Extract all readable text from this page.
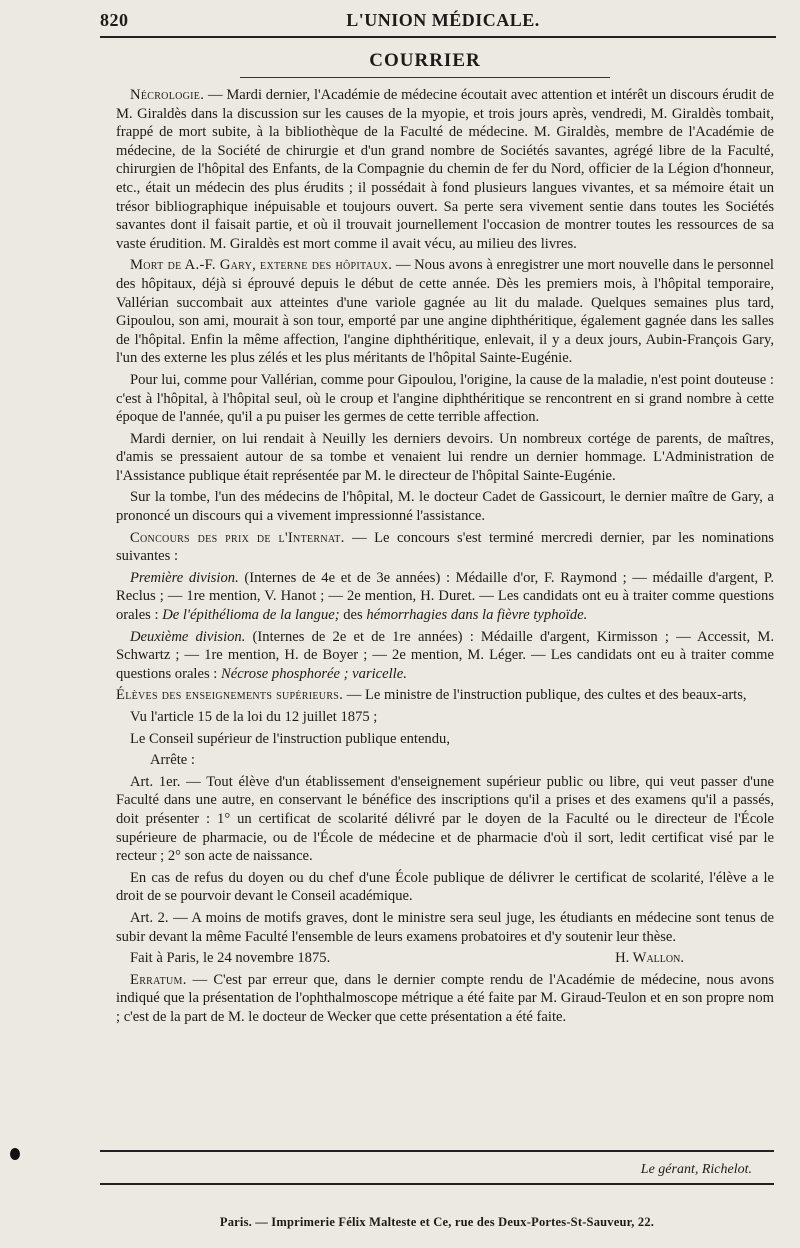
820	L'UNION MÉDICALE.
COURRIER

Nécrologie. — Mardi dernier, l'Académie de médecine écoutait avec attention et intérêt un discours érudit de M. Giraldès dans la discussion sur les causes de la myopie, et trois jours après, vendredi, M. Giraldès tombait, frappé de mort subite, à la bibliothèque de la Faculté de médecine. M. Giraldès, membre de l'Académie de médecine, de la Société de chirurgie et d'un grand nombre de Sociétés savantes, agrégé libre de la Faculté, chirurgien de l'hôpital des Enfants, de la Compagnie du chemin de fer du Nord, officier de la Légion d'honneur, etc., était un médecin des plus érudits ; il possédait à fond plusieurs langues vivantes, et sa mémoire était un trésor bibliographique inépuisable et toujours ouvert. Sa perte sera vivement sentie dans toutes les Sociétés savantes dont il faisait partie, et où il trouvait journellement l'occasion de montrer toutes les ressources de sa vaste érudition. M. Giraldès est mort comme il avait vécu, au milieu des livres.

Mort de A.-F. Gary, externe des hôpitaux. — Nous avons à enregistrer une mort nouvelle dans le personnel des hôpitaux, déjà si éprouvé depuis le début de cette année. Dès les premiers mois, à l'hôpital temporaire, Vallérian succombait aux atteintes d'une variole gagnée au lit du malade. Quelques semaines plus tard, Gipoulou, son ami, mourait à son tour, emporté par une angine diphthéritique, également gagnée dans les salles de l'hôpital. Enfin la même affection, l'angine diphthéritique, enlevait, il y a deux jours, Aubin-François Gary, l'un des externe les plus zélés et les plus méritants de l'hôpital Sainte-Eugénie.

Pour lui, comme pour Vallérian, comme pour Gipoulou, l'origine, la cause de la maladie, n'est point douteuse : c'est à l'hôpital, à l'hôpital seul, où le croup et l'angine diphthéritique se rencontrent en si grand nombre à cette époque de l'année, qu'il a pu puiser les germes de cette terrible affection.

Mardi dernier, on lui rendait à Neuilly les derniers devoirs. Un nombreux cortége de parents, de maîtres, d'amis se pressaient autour de sa tombe et venaient lui rendre un dernier hommage. L'Administration de l'Assistance publique était représentée par M. le directeur de l'hôpital Sainte-Eugénie.

Sur la tombe, l'un des médecins de l'hôpital, M. le docteur Cadet de Gassicourt, le dernier maître de Gary, a prononcé un discours qui a vivement impressionné l'assistance.

Concours des prix de l'Internat. — Le concours s'est terminé mercredi dernier, par les nominations suivantes :

Première division. (Internes de 4e et de 3e années) : Médaille d'or, F. Raymond ; — médaille d'argent, P. Reclus ; — 1re mention, V. Hanot ; — 2e mention, H. Duret. — Les candidats ont eu à traiter comme questions orales : De l'épithélioma de la langue; des hémorrhagies dans la fièvre typhoïde.

Deuxième division. (Internes de 2e et de 1re années) : Médaille d'argent, Kirmisson ; — Accessit, M. Schwartz ; — 1re mention, H. de Boyer ; — 2e mention, M. Léger. — Les candidats ont eu à traiter comme questions orales : Nécrose phosphorée ; varicelle.

Élèves des enseignements supérieurs. — Le ministre de l'instruction publique, des cultes et des beaux-arts,

Vu l'article 15 de la loi du 12 juillet 1875 ;

Le Conseil supérieur de l'instruction publique entendu,

Arrête :

Art. 1er. — Tout élève d'un établissement d'enseignement supérieur public ou libre, qui veut passer d'une Faculté dans une autre, en conservant le bénéfice des inscriptions qu'il a prises et des examens qu'il a passés, doit présenter : 1° un certificat de scolarité délivré par le doyen de la Faculté ou le directeur de l'École supérieure de pharmacie, ou de l'École de médecine et de pharmacie d'où il sort, ledit certificat visé par le recteur ; 2° son acte de naissance.

En cas de refus du doyen ou du chef d'une École publique de délivrer le certificat de scolarité, l'élève a le droit de se pourvoir devant le Conseil académique.

Art. 2. — A moins de motifs graves, dont le ministre sera seul juge, les étudiants en médecine sont tenus de subir devant la même Faculté l'ensemble de leurs examens probatoires et d'y soutenir leur thèse.

Fait à Paris, le 24 novembre 1875.	H. Wallon.

Erratum. — C'est par erreur que, dans le dernier compte rendu de l'Académie de médecine, nous avons indiqué que la présentation de l'ophthalmoscope métrique a été faite par M. Giraud-Teulon et en son propre nom ; c'est de la part de M. le docteur de Wecker que cette présentation a été faite.

Le gérant, Richelot.
Paris. — Imprimerie Félix Malteste et Ce, rue des Deux-Portes-St-Sauveur, 22.
